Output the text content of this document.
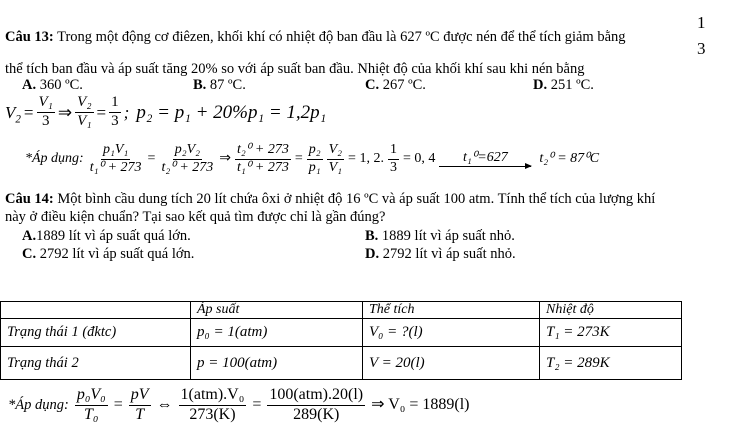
Câu 13: Trong một động cơ điêzen, khối khí có nhiệt độ ban đầu là 627 ºC được nén để thể tích giảm bằng
1
3
thể tích ban đầu và áp suất tăng 20% so với áp suất ban đầu. Nhiệt độ của khối khí sau khi nén bằng
A. 360 ºC.	B. 87 ºC.	C. 267 ºC.	D. 251 ºC.
$V_2 = \frac{\text{V₁}}{3}$ ⇒ $\frac{\text{V₂}}{\text{V₁}} = \frac{1}{3}$ ; p₂ = p₁ + 20%p₁ = 1,2p₁
*Áp dụng: $\frac{\text{p₁V₁}}{\text{t₁⁰ + 273}} = \frac{\text{p₂V₂}}{\text{t₂⁰ + 273}}$ ⇒ $\frac{\text{t₂⁰ + 273}}{\text{t₁⁰ + 273}} = \frac{\text{p₂}}{\text{p₁}} \frac{\text{V₂}}{\text{V₁}} = 1$, 2. $\frac{1}{3} = 0$, 4 t₁⁰=627 t₂⁰ = 87⁰C
Câu 14: Một bình cầu dung tích 20 lít chứa ôxi ở nhiệt độ 16 ºC và áp suất 100 atm. Tính thể tích của lượng khí
này ở điều kiện chuẩn? Tại sao kết quả tìm được chỉ là gần đúng?
A.1889 lít vì áp suất quá lớn.	B. 1889 lít vì áp suất nhỏ.
C. 2792 lít vì áp suất quá lớn.	D. 2792 lít vì áp suất nhỏ.
	Áp suất	Thể tích	Nhiệt độ
Trạng thái 1 (đktc)	p₀ = 1(atm)	V₀ = ?(l)	T₁ = 273K
Trạng thái 2	p = 100(atm)	V = 20(l)	T₂ = 289K
*Áp dụng: $\frac{\text{p₀V₀}}{\text{T₀}} = \frac{pV}{T}$ ⇔ $\frac{\text{1(atm).V₀}}{273(K)} = \frac{\text{100(atm).20(l)}}{289(K)}$ ⇒ V₀ = 1889(l)
